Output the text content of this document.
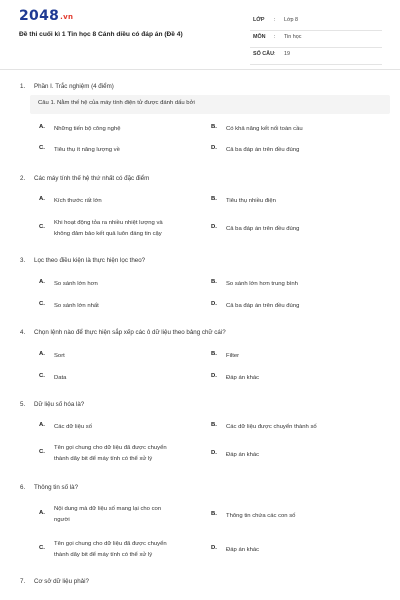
2048.vn
Đề thi cuối kì 1 Tin học 8 Cánh diều có đáp án (Đề 4)
LỚP : Lớp 8
MÔN : Tin học
SỐ CÂU : 19
1. Phần I. Trắc nghiệm (4 điểm)
Câu 1. Nằm thế hệ của máy tính điện tử được đánh dấu bởi
A. Những tiến bộ công nghệ	B. Có khả năng kết nối toàn cầu
C. Tiêu thụ ít năng lượng về	D. Cả ba đáp án trên đều đúng
2. Các máy tính thế hệ thứ nhất có đặc điểm
A. Kích thước rất lớn	B. Tiêu thụ nhiều điện
C.
Khi hoạt động tỏa ra nhiều nhiệt lượng và
không đảm bảo kết quả luôn đáng tin cậy
D. Cả ba đáp án trên đều đúng
3. Lọc theo điều kiện là thực hiện lọc theo?
A. So sánh lớn hơn	B. So sánh lớn hơn trung bình
C. So sánh lớn nhất	D. Cả ba đáp án trên đều đúng
4. Chọn lệnh nào để thực hiện sắp xếp các ô dữ liệu theo bảng chữ cái?
A. Sort	B. Filter
C. Data	D. Đáp án khác
5. Dữ liệu số hóa là?
A. Các dữ liệu số	B. Các dữ liệu được chuyển thành số
C.
Tên gọi chung cho dữ liệu đã được chuyển
thành dãy bit để máy tính có thể xử lý
D. Đáp án khác
6. Thông tin số là?
A.
Nội dung mà dữ liệu số mang lại cho con
người
B. Thông tin chứa các con số
C.
Tên gọi chung cho dữ liệu đã được chuyển
thành dãy bit để máy tính có thể xử lý
D. Đáp án khác
7. Cơ sở dữ liệu phải?
